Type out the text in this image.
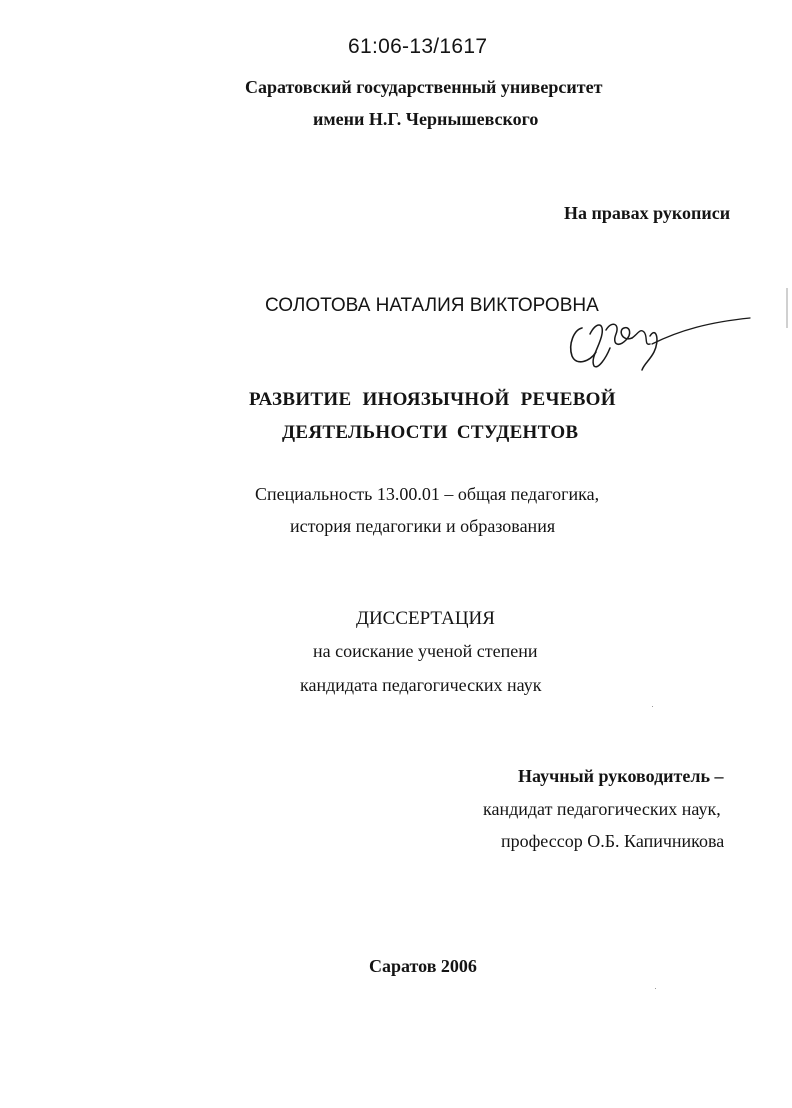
61:06-13/1617
Саратовский государственный университет
имени Н.Г. Чернышевского
На правах рукописи
СОЛОТОВА НАТАЛИЯ ВИКТОРОВНА
РАЗВИТИЕ ИНОЯЗЫЧНОЙ РЕЧЕВОЙ
ДЕЯТЕЛЬНОСТИ СТУДЕНТОВ
Специальность 13.00.01 – общая педагогика,
история педагогики и образования
ДИССЕРТАЦИЯ
на соискание ученой степени
кандидата педагогических наук
Научный руководитель –
кандидат педагогических наук,
профессор О.Б. Капичникова
Саратов 2006
